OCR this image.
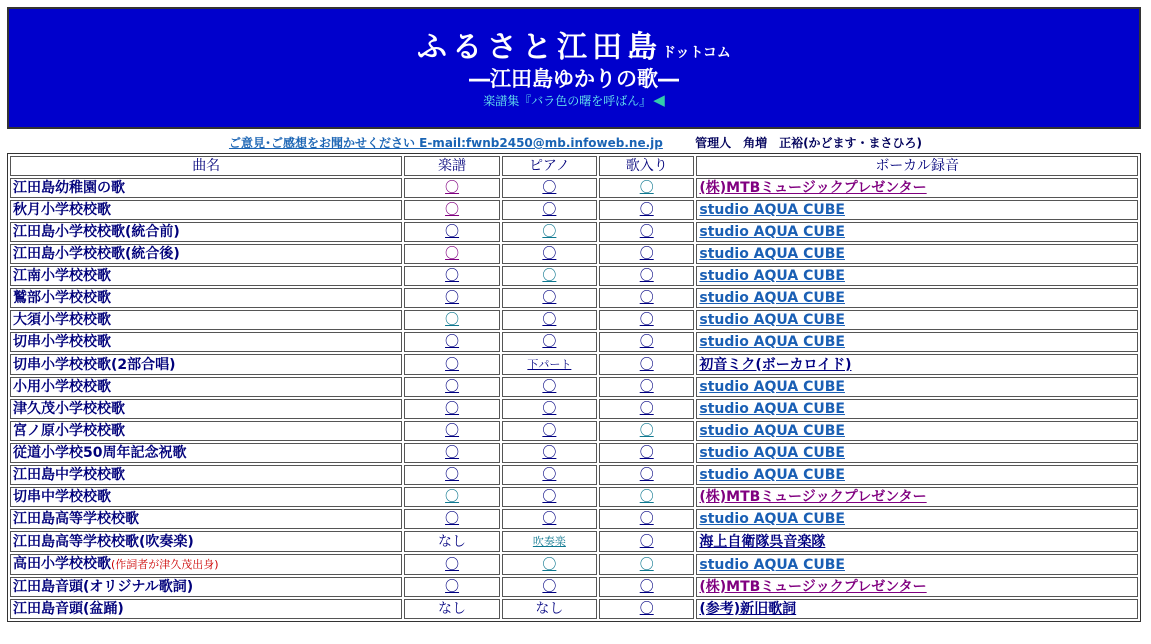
ふるさと江田島ドットコム
―江田島ゆかりの歌―
楽譜集『バラ色の曙を呼ばん』 ◀
ご意見･ご感想をお聞かせください E-mail:fwnb2450@mb.infoweb.ne.jp	管理人　角増　正裕(かどます・まさひろ)
曲名	楽譜	ピアノ	歌入り	ボーカル録音
江田島幼稚園の歌	〇	〇	〇	(株)MTBミュージックプレゼンター
秋月小学校校歌	〇	〇	〇	studio AQUA CUBE
江田島小学校校歌(統合前)	〇	〇	〇	studio AQUA CUBE
江田島小学校校歌(統合後)	〇	〇	〇	studio AQUA CUBE
江南小学校校歌	〇	〇	〇	studio AQUA CUBE
鷲部小学校校歌	〇	〇	〇	studio AQUA CUBE
大須小学校校歌	〇	〇	〇	studio AQUA CUBE
切串小学校校歌	〇	〇	〇	studio AQUA CUBE
切串小学校校歌(2部合唱)	〇	下パート	〇	初音ミク(ボーカロイド)
小用小学校校歌	〇	〇	〇	studio AQUA CUBE
津久茂小学校校歌	〇	〇	〇	studio AQUA CUBE
宮ノ原小学校校歌	〇	〇	〇	studio AQUA CUBE
従道小学校50周年記念祝歌	〇	〇	〇	studio AQUA CUBE
江田島中学校校歌	〇	〇	〇	studio AQUA CUBE
切串中学校校歌	〇	〇	〇	(株)MTBミュージックプレゼンター
江田島高等学校校歌	〇	〇	〇	studio AQUA CUBE
江田島高等学校校歌(吹奏楽)	なし	吹奏楽	〇	海上自衛隊呉音楽隊
高田小学校校歌(作詞者が津久茂出身)	〇	〇	〇	studio AQUA CUBE
江田島音頭(オリジナル歌詞)	〇	〇	〇	(株)MTBミュージックプレゼンター
江田島音頭(盆踊)	なし	なし	〇	(参考)新旧歌詞
